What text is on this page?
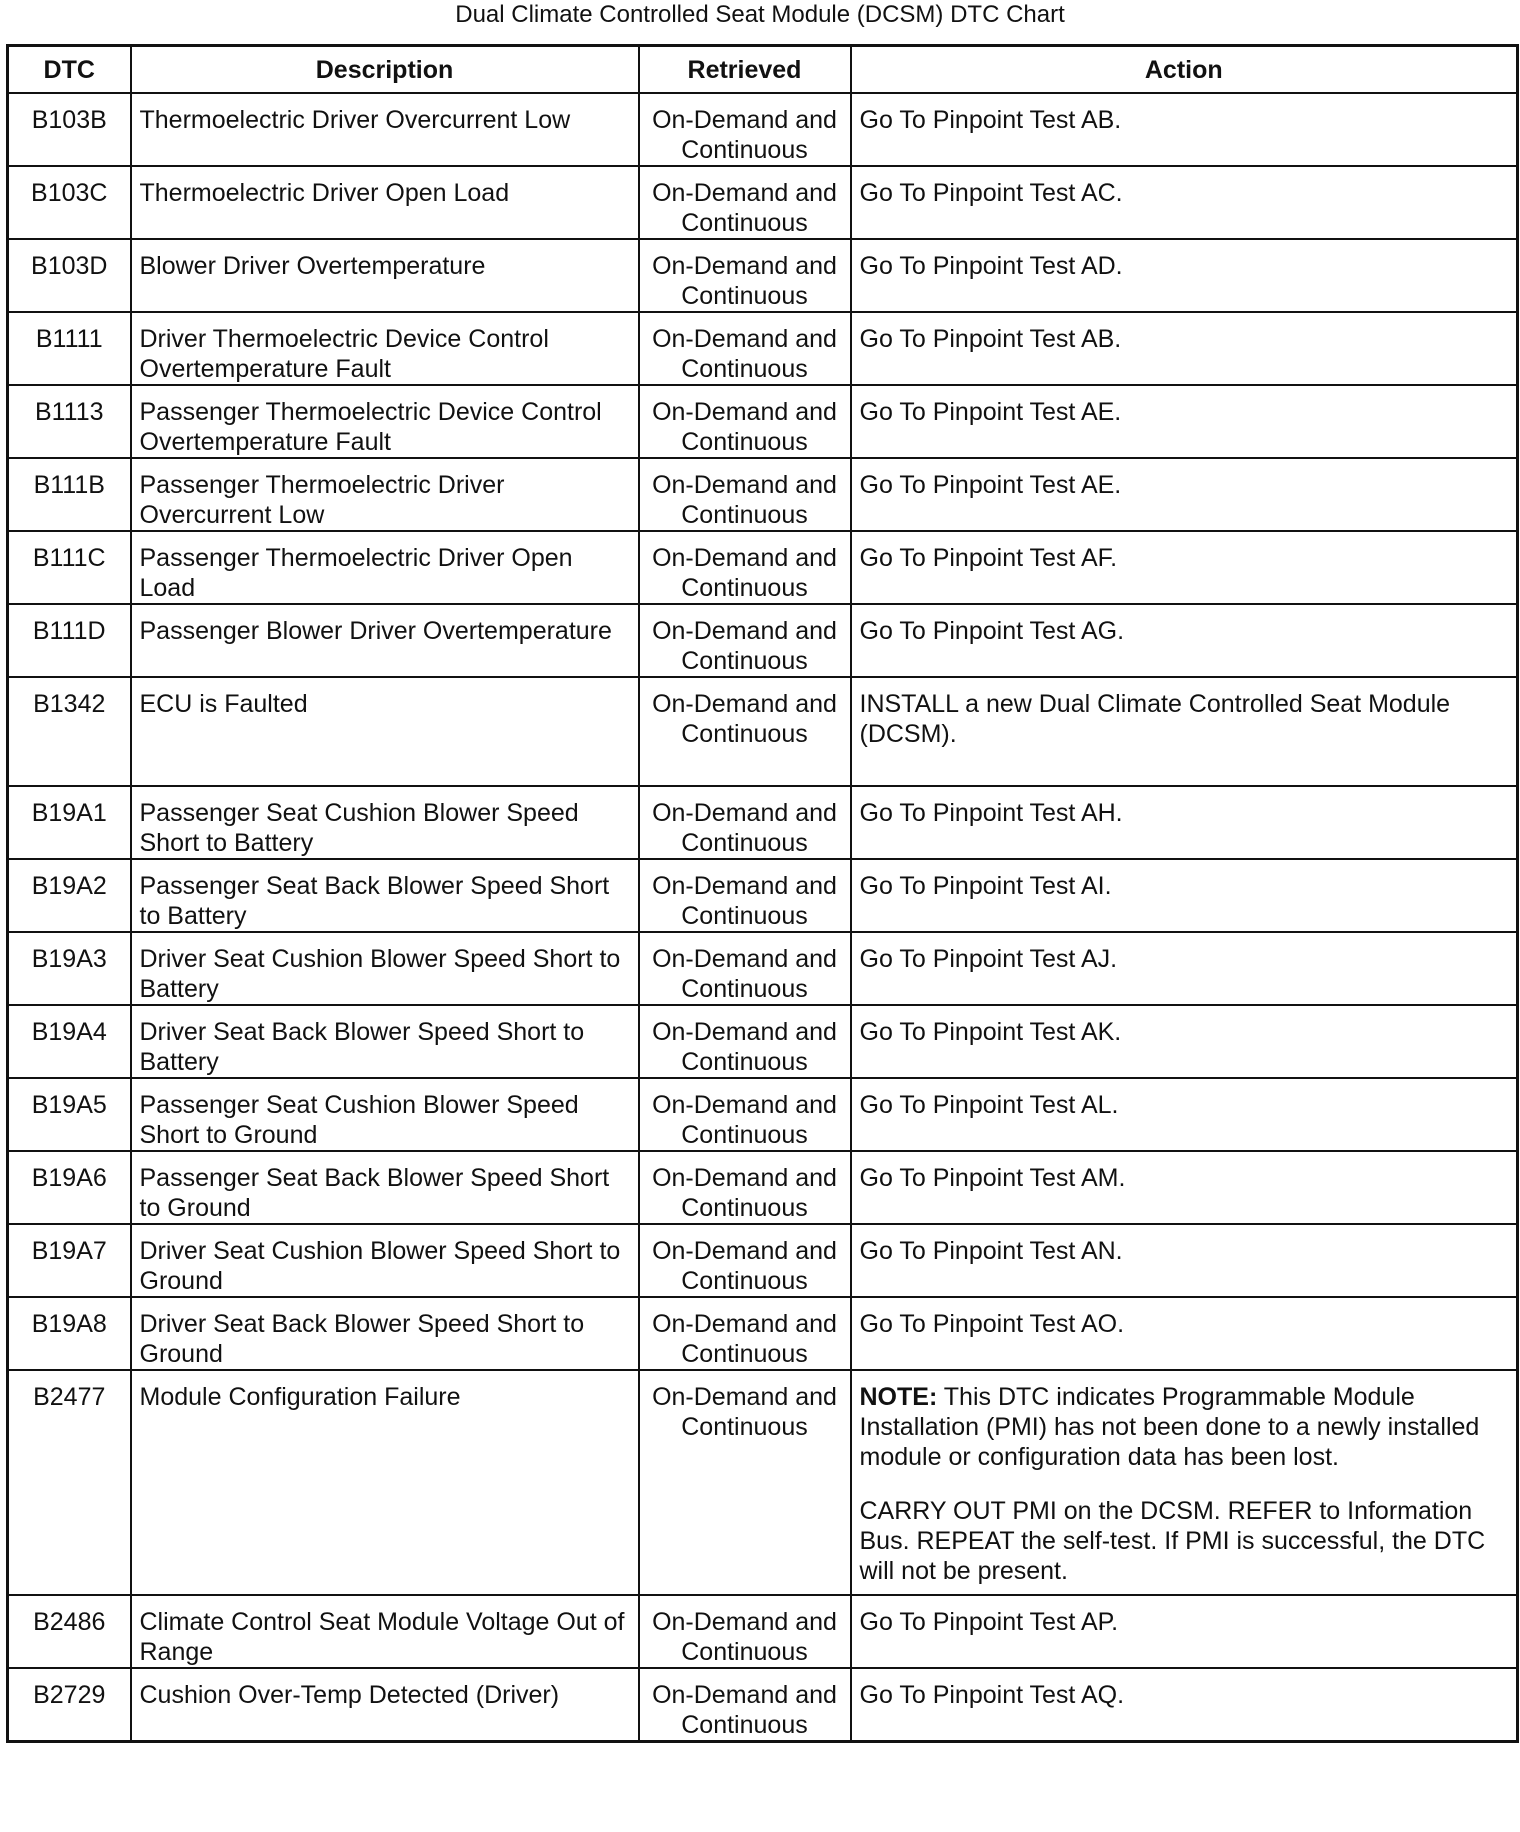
Dual Climate Controlled Seat Module (DCSM) DTC Chart
DTC	Description	Retrieved	Action
B103B	Thermoelectric Driver Overcurrent Low	On-Demand and Continuous	Go To Pinpoint Test AB.
B103C	Thermoelectric Driver Open Load	On-Demand and Continuous	Go To Pinpoint Test AC.
B103D	Blower Driver Overtemperature	On-Demand and Continuous	Go To Pinpoint Test AD.
B1111	Driver Thermoelectric Device Control Overtemperature Fault	On-Demand and Continuous	Go To Pinpoint Test AB.
B1113	Passenger Thermoelectric Device Control Overtemperature Fault	On-Demand and Continuous	Go To Pinpoint Test AE.
B111B	Passenger Thermoelectric Driver Overcurrent Low	On-Demand and Continuous	Go To Pinpoint Test AE.
B111C	Passenger Thermoelectric Driver Open Load	On-Demand and Continuous	Go To Pinpoint Test AF.
B111D	Passenger Blower Driver Overtemperature	On-Demand and Continuous	Go To Pinpoint Test AG.
B1342	ECU is Faulted	On-Demand and Continuous	INSTALL a new Dual Climate Controlled Seat Module (DCSM).
B19A1	Passenger Seat Cushion Blower Speed Short to Battery	On-Demand and Continuous	Go To Pinpoint Test AH.
B19A2	Passenger Seat Back Blower Speed Short to Battery	On-Demand and Continuous	Go To Pinpoint Test AI.
B19A3	Driver Seat Cushion Blower Speed Short to Battery	On-Demand and Continuous	Go To Pinpoint Test AJ.
B19A4	Driver Seat Back Blower Speed Short to Battery	On-Demand and Continuous	Go To Pinpoint Test AK.
B19A5	Passenger Seat Cushion Blower Speed Short to Ground	On-Demand and Continuous	Go To Pinpoint Test AL.
B19A6	Passenger Seat Back Blower Speed Short to Ground	On-Demand and Continuous	Go To Pinpoint Test AM.
B19A7	Driver Seat Cushion Blower Speed Short to Ground	On-Demand and Continuous	Go To Pinpoint Test AN.
B19A8	Driver Seat Back Blower Speed Short to Ground	On-Demand and Continuous	Go To Pinpoint Test AO.
B2477	Module Configuration Failure	On-Demand and Continuous	NOTE: This DTC indicates Programmable Module Installation (PMI) has not been done to a newly installed module or configuration data has been lost.

CARRY OUT PMI on the DCSM. REFER to Information Bus. REPEAT the self-test. If PMI is successful, the DTC will not be present.

B2486	Climate Control Seat Module Voltage Out of Range	On-Demand and Continuous	Go To Pinpoint Test AP.
B2729	Cushion Over-Temp Detected (Driver)	On-Demand and Continuous	Go To Pinpoint Test AQ.
